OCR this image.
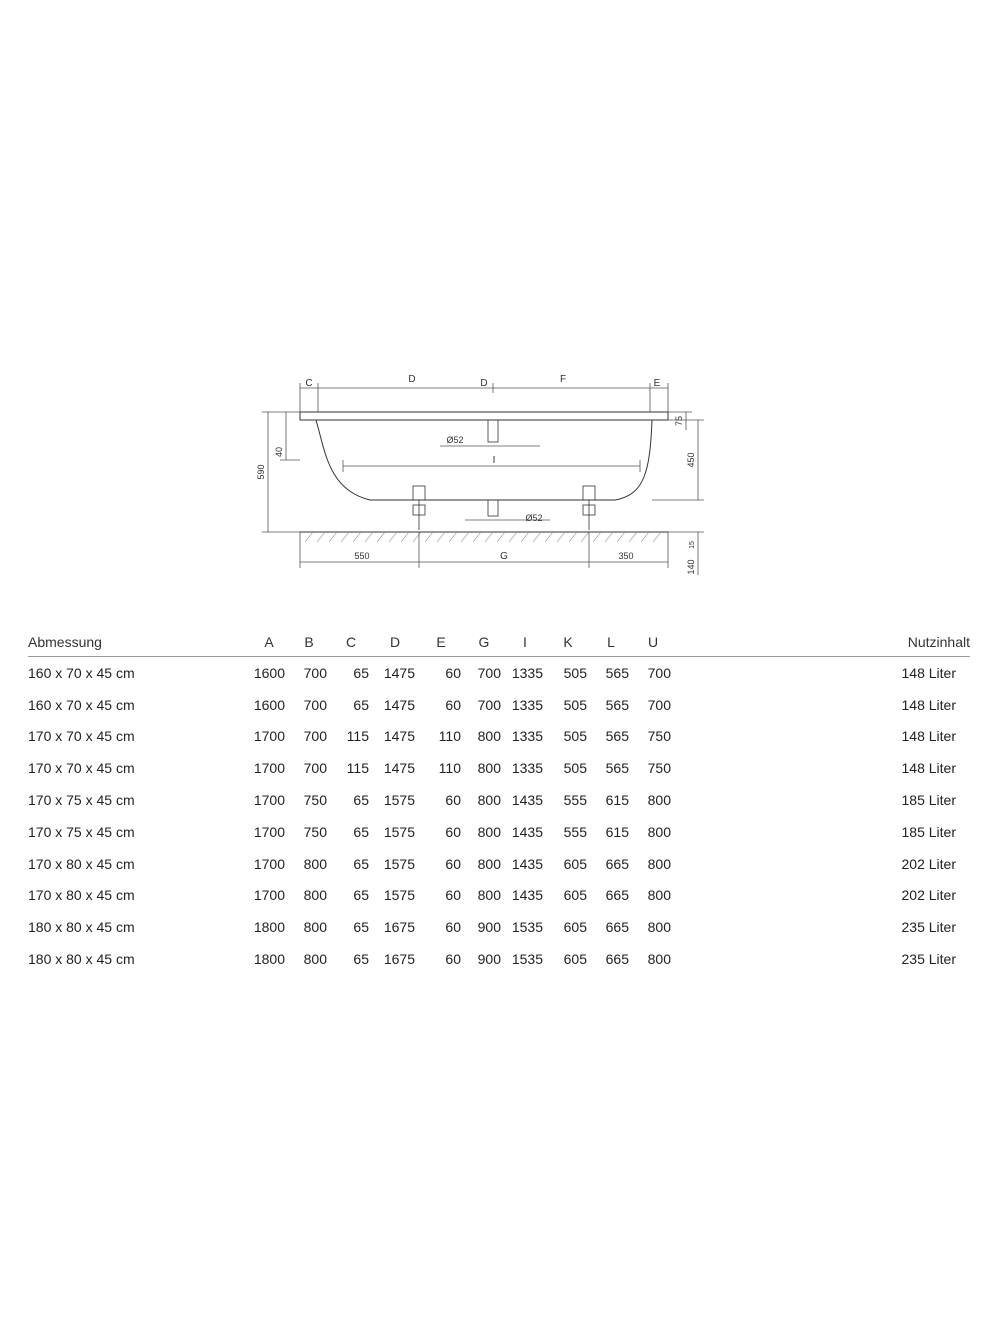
C	D	D	F	E
I
G
550	350
Ø52
Ø52
590
40
75
450
15
140
Abmessung	A	B	C	D	E	G	I	K	L	U	Nutzinhalt
160 x 70 x 45 cm	1600	700	65	1475	60	700	1335	505	565	700	148 Liter
160 x 70 x 45 cm	1600	700	65	1475	60	700	1335	505	565	700	148 Liter
170 x 70 x 45 cm	1700	700	115	1475	110	800	1335	505	565	750	148 Liter
170 x 70 x 45 cm	1700	700	115	1475	110	800	1335	505	565	750	148 Liter
170 x 75 x 45 cm	1700	750	65	1575	60	800	1435	555	615	800	185 Liter
170 x 75 x 45 cm	1700	750	65	1575	60	800	1435	555	615	800	185 Liter
170 x 80 x 45 cm	1700	800	65	1575	60	800	1435	605	665	800	202 Liter
170 x 80 x 45 cm	1700	800	65	1575	60	800	1435	605	665	800	202 Liter
180 x 80 x 45 cm	1800	800	65	1675	60	900	1535	605	665	800	235 Liter
180 x 80 x 45 cm	1800	800	65	1675	60	900	1535	605	665	800	235 Liter
